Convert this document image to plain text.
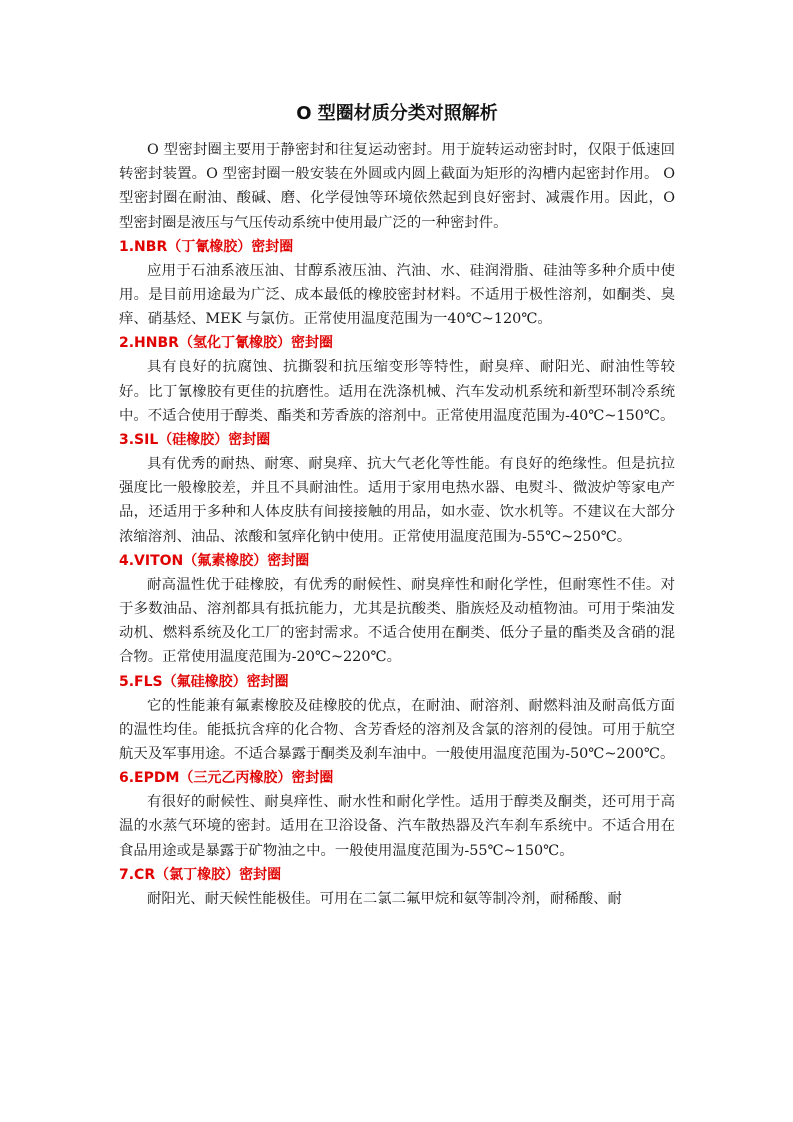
O 型圈材质分类对照解析

O 型密封圈主要用于静密封和往复运动密封。用于旋转运动密封时，仅限于低速回转密封装置。O 型密封圈一般安装在外圆或内圆上截面为矩形的沟槽内起密封作用。 O 型密封圈在耐油、酸碱、磨、化学侵蚀等环境依然起到良好密封、减震作用。因此，O 型密封圈是液压与气压传动系统中使用最广泛的一种密封件。

1.NBR（丁氰橡胶）密封圈

应用于石油系液压油、甘醇系液压油、汽油、水、硅润滑脂、硅油等多种介质中使用。是目前用途最为广泛、成本最低的橡胶密封材料。不适用于极性溶剂，如酮类、臭痒、硝基烃、MEK 与氯仿。正常使用温度范围为一40℃~120℃。

2.HNBR（氢化丁氰橡胶）密封圈

具有良好的抗腐蚀、抗撕裂和抗压缩变形等特性，耐臭痒、耐阳光、耐油性等较好。比丁氰橡胶有更佳的抗磨性。适用在洗涤机械、汽车发动机系统和新型环制冷系统中。不适合使用于醇类、酯类和芳香族的溶剂中。正常使用温度范围为-40℃~150℃。

3.SIL（硅橡胶）密封圈

具有优秀的耐热、耐寒、耐臭痒、抗大气老化等性能。有良好的绝缘性。但是抗拉强度比一般橡胶差，并且不具耐油性。适用于家用电热水器、电熨斗、微波炉等家电产品，还适用于多种和人体皮肤有间接接触的用品，如水壶、饮水机等。不建议在大部分浓缩溶剂、油品、浓酸和氢痒化钠中使用。正常使用温度范围为-55℃~250℃。

4.VITON（氟素橡胶）密封圈

耐高温性优于硅橡胶，有优秀的耐候性、耐臭痒性和耐化学性，但耐寒性不佳。对于多数油品、溶剂都具有抵抗能力，尤其是抗酸类、脂族烃及动植物油。可用于柴油发动机、燃料系统及化工厂的密封需求。不适合使用在酮类、低分子量的酯类及含硝的混合物。正常使用温度范围为-20℃~220℃。

5.FLS（氟硅橡胶）密封圈

它的性能兼有氟素橡胶及硅橡胶的优点，在耐油、耐溶剂、耐燃料油及耐高低方面的温性均佳。能抵抗含痒的化合物、含芳香烃的溶剂及含氯的溶剂的侵蚀。可用于航空航天及军事用途。不适合暴露于酮类及刹车油中。一般使用温度范围为-50℃~200℃。

6.EPDM（三元乙丙橡胶）密封圈

有很好的耐候性、耐臭痒性、耐水性和耐化学性。适用于醇类及酮类，还可用于高温的水蒸气环境的密封。适用在卫浴设备、汽车散热器及汽车刹车系统中。不适合用在食品用途或是暴露于矿物油之中。一般使用温度范围为-55℃~150℃。

7.CR（氯丁橡胶）密封圈

耐阳光、耐天候性能极佳。可用在二氯二氟甲烷和氨等制冷剂，耐稀酸、耐
